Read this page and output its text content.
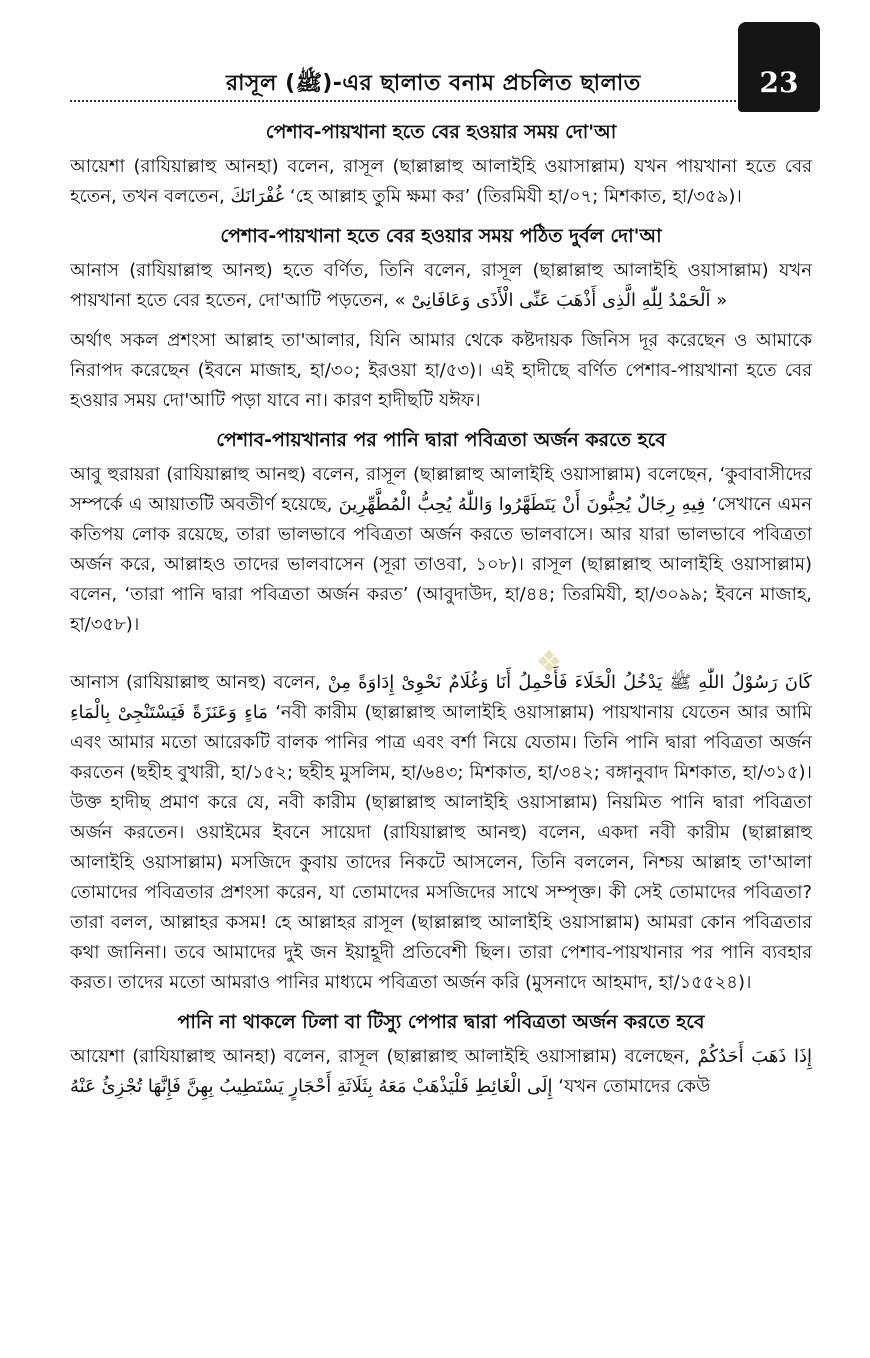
রাসূল (ﷺ)-এর ছালাত বনাম প্রচলিত ছালাত	23
পেশাব-পায়খানা হতে বের হওয়ার সময় দো'আ

আয়েশা (রাযিয়াল্লাহু আনহা) বলেন, রাসূল (ছাল্লাল্লাহু আলাইহি ওয়াসাল্লাম) যখন পায়খানা হতে বের হতেন, তখন বলতেন, غُفْرَانَكَ ‘হে আল্লাহ তুমি ক্ষমা কর’ (তিরমিযী হা/০৭; মিশকাত, হা/৩৫৯)।

পেশাব-পায়খানা হতে বের হওয়ার সময় পঠিত দুর্বল দো'আ

আনাস (রাযিয়াল্লাহু আনহু) হতে বর্ণিত, তিনি বলেন, রাসূল (ছাল্লাল্লাহু আলাইহি ওয়াসাল্লাম) যখন পায়খানা হতে বের হতেন, দো'আটি পড়তেন, « اَلْحَمْدُ لِلّٰهِ الَّذِى أَذْهَبَ عَنِّى الْأَذَى وَعَافَانِىْ »

অর্থাৎ সকল প্রশংসা আল্লাহ তা'আলার, যিনি আমার থেকে কষ্টদায়ক জিনিস দূর করেছেন ও আমাকে নিরাপদ করেছেন (ইবনে মাজাহ, হা/৩০; ইরওয়া হা/৫৩)। এই হাদীছে বর্ণিত পেশাব-পায়খানা হতে বের হওয়ার সময় দো'আটি পড়া যাবে না। কারণ হাদীছটি যঈফ।

পেশাব-পায়খানার পর পানি দ্বারা পবিত্রতা অর্জন করতে হবে

আবু হুরায়রা (রাযিয়াল্লাহু আনহু) বলেন, রাসূল (ছাল্লাল্লাহু আলাইহি ওয়াসাল্লাম) বলেছেন, ‘কুবাবাসীদের সম্পর্কে এ আয়াতটি অবতীর্ণ হয়েছে, فِيهِ رِجَالٌ يُحِبُّونَ أَنْ يَتَطَهَّرُوا وَاللّٰهُ يُحِبُّ الْمُطَّهِّرِينَ ‘সেখানে এমন কতিপয় লোক রয়েছে, তারা ভালভাবে পবিত্রতা অর্জন করতে ভালবাসে। আর যারা ভালভাবে পবিত্রতা অর্জন করে, আল্লাহও তাদের ভালবাসেন (সূরা তাওবা, ১০৮)। রাসূল (ছাল্লাল্লাহু আলাইহি ওয়াসাল্লাম) বলেন, ‘তারা পানি দ্বারা পবিত্রতা অর্জন করত’ (আবুদাউদ, হা/৪৪; তিরমিযী, হা/৩০৯৯; ইবনে মাজাহ, হা/৩৫৮)।

আনাস (রাযিয়াল্লাহু আনহু) বলেন, كَانَ رَسُوْلُ اللّٰهِ ﷺ يَدْخُلُ الْخَلَاءَ فَأَحْمِلُ أَنَا وَغُلَامٌ نَحْوِىْ إِدَاوَةً مِنْ مَاءٍ وَعَنَزَةً فَيَسْتَنْجِىْ بِالْمَاءِ ‘নবী কারীম (ছাল্লাল্লাহু আলাইহি ওয়াসাল্লাম) পায়খানায় যেতেন আর আমি এবং আমার মতো আরেকটি বালক পানির পাত্র এবং বর্শা নিয়ে যেতাম। তিনি পানি দ্বারা পবিত্রতা অর্জন করতেন (ছহীহ বুখারী, হা/১৫২; ছহীহ মুসলিম, হা/৬৪৩; মিশকাত, হা/৩৪২; বঙ্গানুবাদ মিশকাত, হা/৩১৫)। উক্ত হাদীছ প্রমাণ করে যে, নবী কারীম (ছাল্লাল্লাহু আলাইহি ওয়াসাল্লাম) নিয়মিত পানি দ্বারা পবিত্রতা অর্জন করতেন। ওয়াইমের ইবনে সায়েদা (রাযিয়াল্লাহু আনহু) বলেন, একদা নবী কারীম (ছাল্লাল্লাহু আলাইহি ওয়াসাল্লাম) মসজিদে কুবায় তাদের নিকটে আসলেন, তিনি বললেন, নিশ্চয় আল্লাহ তা'আলা তোমাদের পবিত্রতার প্রশংসা করেন, যা তোমাদের মসজিদের সাথে সম্পৃক্ত। কী সেই তোমাদের পবিত্রতা? তারা বলল, আল্লাহর কসম! হে আল্লাহর রাসূল (ছাল্লাল্লাহু আলাইহি ওয়াসাল্লাম) আমরা কোন পবিত্রতার কথা জানিনা। তবে আমাদের দুই জন ইয়াহূদী প্রতিবেশী ছিল। তারা পেশাব-পায়খানার পর পানি ব্যবহার করত। তাদের মতো আমরাও পানির মাধ্যমে পবিত্রতা অর্জন করি (মুসনাদে আহমাদ, হা/১৫৫২৪)।

পানি না থাকলে ঢিলা বা টিস্যু পেপার দ্বারা পবিত্রতা অর্জন করতে হবে

আয়েশা (রাযিয়াল্লাহু আনহা) বলেন, রাসূল (ছাল্লাল্লাহু আলাইহি ওয়াসাল্লাম) বলেছেন, إِذَا ذَهَبَ أَحَدُكُمْ إِلَى الْغَائِطِ فَلْيَذْهَبْ مَعَهُ بِثَلَاثَةِ أَحْجَارٍ يَسْتَطِيبُ بِهِنَّ فَإِنَّهَا تُجْزِئُ عَنْهُ ‘যখন তোমাদের কেউ

❖
